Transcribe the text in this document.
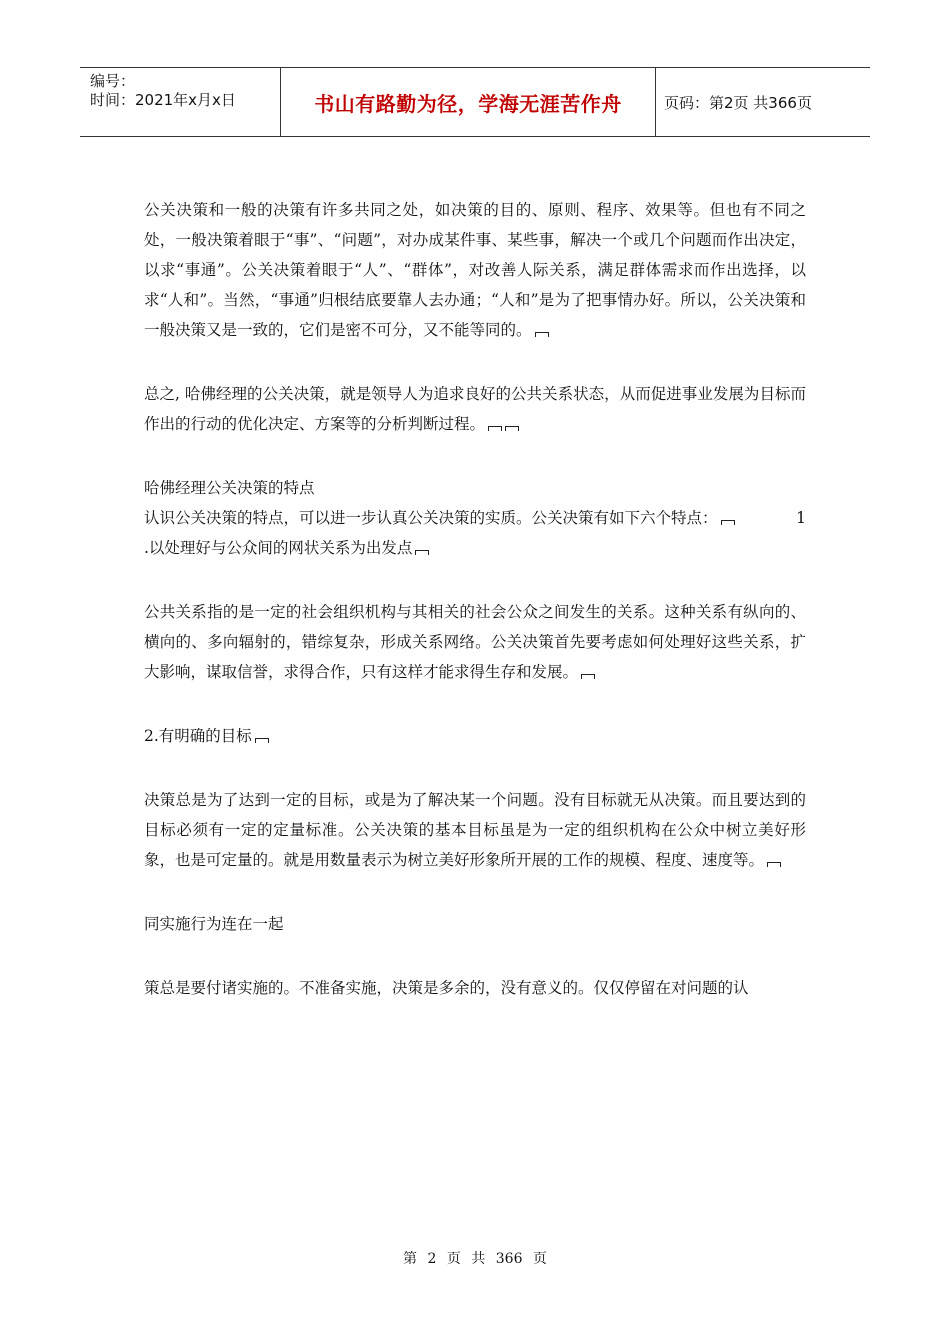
编号：
时间：2021年x月x日	书山有路勤为径，学海无涯苦作舟	页码：第2页 共366页

公关决策和一般的决策有许多共同之处，如决策的目的、原则、程序、效果等。但也有不同之处，一般决策着眼于“事”、“问题”，对办成某件事、某些事，解决一个或几个问题而作出决定，以求“事通”。公关决策着眼于“人”、“群体”，对改善人际关系，满足群体需求而作出选择，以求“人和”。当然，“事通”归根结底要靠人去办通；“人和”是为了把事情办好。所以，公关决策和一般决策又是一致的，它们是密不可分，又不能等同的。

总之, 哈佛经理的公关决策，就是领导人为追求良好的公共关系状态，从而促进事业发展为目标而作出的行动的优化决定、方案等的分析判断过程。

哈佛经理公关决策的特点

认识公关决策的特点，可以进一步认真公关决策的实质。公关决策有如下六个特点：	1

.以处理好与公众间的网状关系为出发点

公共关系指的是一定的社会组织机构与其相关的社会公众之间发生的关系。这种关系有纵向的、横向的、多向辐射的，错综复杂，形成关系网络。公关决策首先要考虑如何处理好这些关系，扩大影响，谋取信誉，求得合作，只有这样才能求得生存和发展。

2.有明确的目标

决策总是为了达到一定的目标，或是为了解决某一个问题。没有目标就无从决策。而且要达到的目标必须有一定的定量标准。公关决策的基本目标虽是为一定的组织机构在公众中树立美好形象，也是可定量的。就是用数量表示为树立美好形象所开展的工作的规模、程度、速度等。

同实施行为连在一起

策总是要付诸实施的。不准备实施，决策是多余的，没有意义的。仅仅停留在对问题的认

第 2 页 共 366 页
